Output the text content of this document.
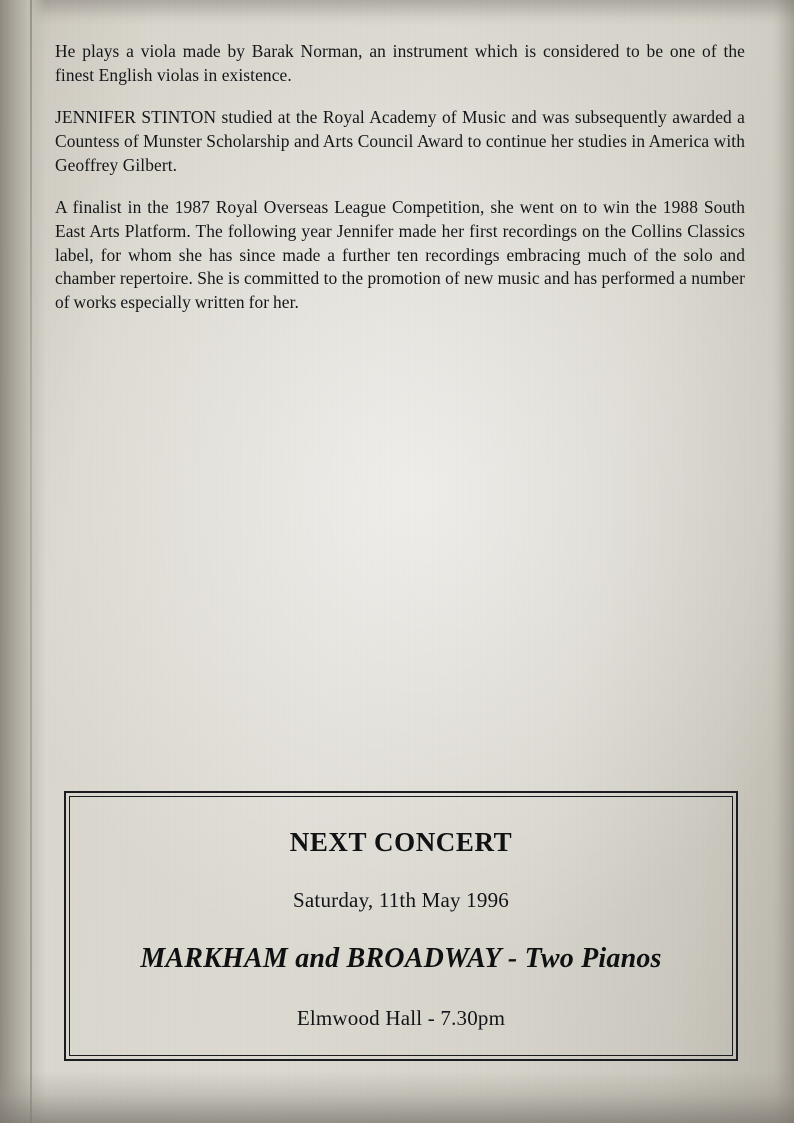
He plays a viola made by Barak Norman, an instrument which is considered to be one of the finest English violas in existence.

JENNIFER STINTON studied at the Royal Academy of Music and was subsequently awarded a Countess of Munster Scholarship and Arts Council Award to continue her studies in America with Geoffrey Gilbert.

A finalist in the 1987 Royal Overseas League Competition, she went on to win the 1988 South East Arts Platform. The following year Jennifer made her first recordings on the Collins Classics label, for whom she has since made a further ten recordings embracing much of the solo and chamber repertoire. She is committed to the promotion of new music and has performed a number of works especially written for her.

NEXT CONCERT
Saturday, 11th May 1996
MARKHAM and BROADWAY - Two Pianos
Elmwood Hall - 7.30pm
